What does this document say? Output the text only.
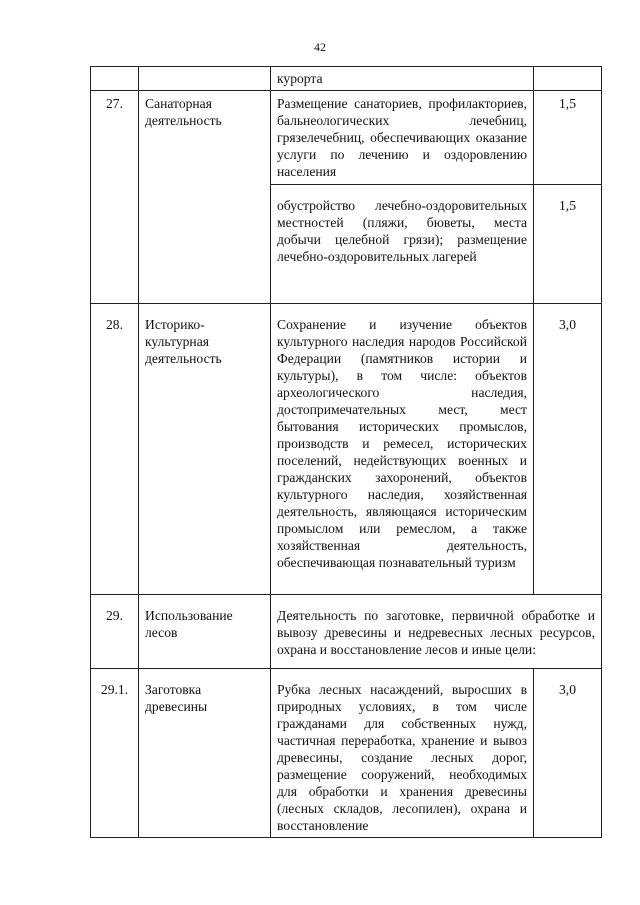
42
		курорта	
27.	Санаторная деятельность	Размещение санаториев, профилакториев, бальнеологических лечебниц, грязелечебниц, обеспечивающих оказание услуги по лечению и оздоровлению населения	1,5
		обустройство лечебно-оздоровительных местностей (пляжи, бюветы, места добычи целебной грязи); размещение лечебно-оздоровительных лагерей	1,5
28.	Историко-культурная деятельность	Сохранение и изучение объектов культурного наследия народов Российской Федерации (памятников истории и культуры), в том числе: объектов археологического наследия, достопримечательных мест, мест бытования исторических промыслов, производств и ремесел, исторических поселений, недействующих военных и гражданских захоронений, объектов культурного наследия, хозяйственная деятельность, являющаяся историческим промыслом или ремеслом, а также хозяйственная деятельность, обеспечивающая познавательный туризм	3,0
29.	Использование лесов	Деятельность по заготовке, первичной обработке и вывозу древесины и недревесных лесных ресурсов, охрана и восстановление лесов и иные цели:	
29.1.	Заготовка древесины	Рубка лесных насаждений, выросших в природных условиях, в том числе гражданами для собственных нужд, частичная переработка, хранение и вывоз древесины, создание лесных дорог, размещение сооружений, необходимых для обработки и хранения древесины (лесных складов, лесопилен), охрана и восстановление	3,0
